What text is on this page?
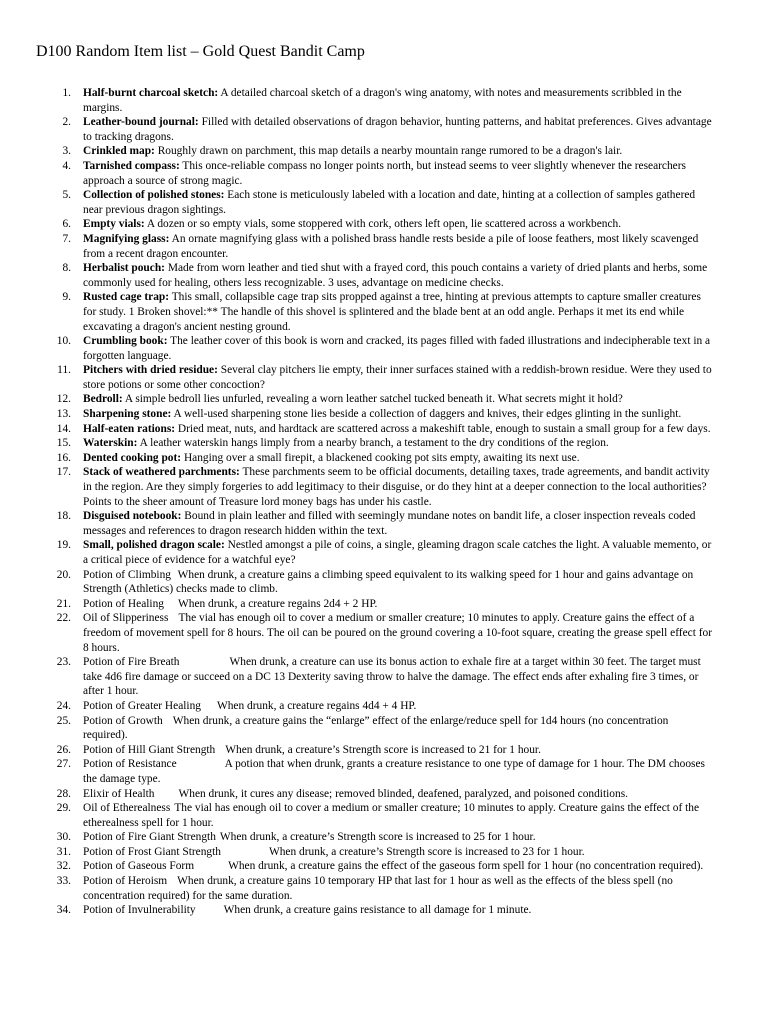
D100 Random Item list – Gold Quest Bandit Camp
1. Half-burnt charcoal sketch: A detailed charcoal sketch of a dragon's wing anatomy, with notes and measurements scribbled in the margins.
2. Leather-bound journal: Filled with detailed observations of dragon behavior, hunting patterns, and habitat preferences. Gives advantage to tracking dragons.
3. Crinkled map: Roughly drawn on parchment, this map details a nearby mountain range rumored to be a dragon's lair.
4. Tarnished compass: This once-reliable compass no longer points north, but instead seems to veer slightly whenever the researchers approach a source of strong magic.
5. Collection of polished stones: Each stone is meticulously labeled with a location and date, hinting at a collection of samples gathered near previous dragon sightings.
6. Empty vials: A dozen or so empty vials, some stoppered with cork, others left open, lie scattered across a workbench.
7. Magnifying glass: An ornate magnifying glass with a polished brass handle rests beside a pile of loose feathers, most likely scavenged from a recent dragon encounter.
8. Herbalist pouch: Made from worn leather and tied shut with a frayed cord, this pouch contains a variety of dried plants and herbs, some commonly used for healing, others less recognizable. 3 uses, advantage on medicine checks.
9. Rusted cage trap: This small, collapsible cage trap sits propped against a tree, hinting at previous attempts to capture smaller creatures for study. 1 Broken shovel:** The handle of this shovel is splintered and the blade bent at an odd angle. Perhaps it met its end while excavating a dragon's ancient nesting ground.
10. Crumbling book: The leather cover of this book is worn and cracked, its pages filled with faded illustrations and indecipherable text in a forgotten language.
11. Pitchers with dried residue: Several clay pitchers lie empty, their inner surfaces stained with a reddish-brown residue. Were they used to store potions or some other concoction?
12. Bedroll: A simple bedroll lies unfurled, revealing a worn leather satchel tucked beneath it. What secrets might it hold?
13. Sharpening stone: A well-used sharpening stone lies beside a collection of daggers and knives, their edges glinting in the sunlight.
14. Half-eaten rations: Dried meat, nuts, and hardtack are scattered across a makeshift table, enough to sustain a small group for a few days.
15. Waterskin: A leather waterskin hangs limply from a nearby branch, a testament to the dry conditions of the region.
16. Dented cooking pot: Hanging over a small firepit, a blackened cooking pot sits empty, awaiting its next use.
17. Stack of weathered parchments: These parchments seem to be official documents, detailing taxes, trade agreements, and bandit activity in the region. Are they simply forgeries to add legitimacy to their disguise, or do they hint at a deeper connection to the local authorities? Points to the sheer amount of Treasure lord money bags has under his castle.
18. Disguised notebook: Bound in plain leather and filled with seemingly mundane notes on bandit life, a closer inspection reveals coded messages and references to dragon research hidden within the text.
19. Small, polished dragon scale: Nestled amongst a pile of coins, a single, gleaming dragon scale catches the light. A valuable memento, or a critical piece of evidence for a watchful eye?
20. Potion of Climbing When drunk, a creature gains a climbing speed equivalent to its walking speed for 1 hour and gains advantage on Strength (Athletics) checks made to climb.
21. Potion of Healing When drunk, a creature regains 2d4 + 2 HP.
22. Oil of Slipperiness The vial has enough oil to cover a medium or smaller creature; 10 minutes to apply. Creature gains the effect of a freedom of movement spell for 8 hours. The oil can be poured on the ground covering a 10-foot square, creating the grease spell effect for 8 hours.
23. Potion of Fire Breath	When drunk, a creature can use its bonus action to exhale fire at a target within 30 feet. The target must take 4d6 fire damage or succeed on a DC 13 Dexterity saving throw to halve the damage. The effect ends after exhaling fire 3 times, or after 1 hour.
24. Potion of Greater Healing When drunk, a creature regains 4d4 + 4 HP.
25. Potion of Growth When drunk, a creature gains the “enlarge” effect of the enlarge/reduce spell for 1d4 hours (no concentration required).
26. Potion of Hill Giant Strength When drunk, a creature’s Strength score is increased to 21 for 1 hour.
27. Potion of Resistance	A potion that when drunk, grants a creature resistance to one type of damage for 1 hour. The DM chooses the damage type.
28. Elixir of Health When drunk, it cures any disease; removed blinded, deafened, paralyzed, and poisoned conditions.
29. Oil of Etherealness The vial has enough oil to cover a medium or smaller creature; 10 minutes to apply. Creature gains the effect of the etherealness spell for 1 hour.
30. Potion of Fire Giant Strength When drunk, a creature’s Strength score is increased to 25 for 1 hour.
31. Potion of Frost Giant Strength	When drunk, a creature’s Strength score is increased to 23 for 1 hour.
32. Potion of Gaseous Form	When drunk, a creature gains the effect of the gaseous form spell for 1 hour (no concentration required).
33. Potion of Heroism When drunk, a creature gains 10 temporary HP that last for 1 hour as well as the effects of the bless spell (no concentration required) for the same duration.
34. Potion of Invulnerability When drunk, a creature gains resistance to all damage for 1 minute.
